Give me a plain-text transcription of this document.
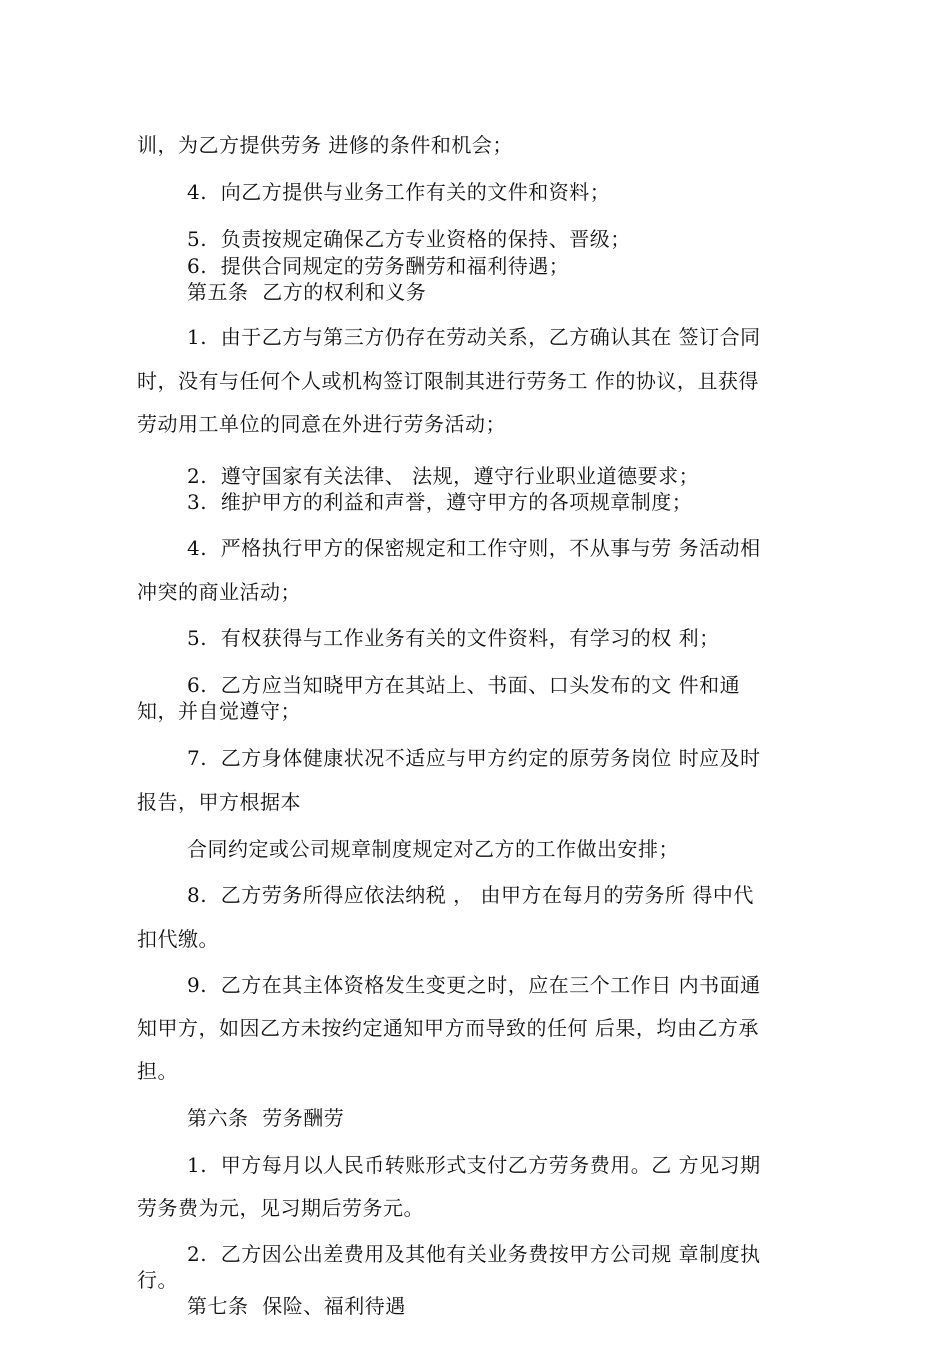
训，为乙方提供劳务 进修的条件和机会；
4.  向乙方提供与业务工作有关的文件和资料；
5.  负责按规定确保乙方专业资格的保持、晋级；
6.  提供合同规定的劳务酬劳和福利待遇；
第五条  乙方的权利和义务
1.  由于乙方与第三方仍存在劳动关系，乙方确认其在 签订合同
时，没有与任何个人或机构签订限制其进行劳务工 作的协议，且获得
劳动用工单位的同意在外进行劳务活动；
2.  遵守国家有关法律、 法规，遵守行业职业道德要求；
3.  维护甲方的利益和声誉，遵守甲方的各项规章制度；
4.  严格执行甲方的保密规定和工作守则，不从事与劳 务活动相
冲突的商业活动；
5.  有权获得与工作业务有关的文件资料，有学习的权 利；
6.  乙方应当知晓甲方在其站上、书面、口头发布的文 件和通
知，并自觉遵守；
7.  乙方身体健康状况不适应与甲方约定的原劳务岗位 时应及时
报告，甲方根据本
合同约定或公司规章制度规定对乙方的工作做出安排；
8.  乙方劳务所得应依法纳税 ， 由甲方在每月的劳务所 得中代
扣代缴。
9.  乙方在其主体资格发生变更之时，应在三个工作日 内书面通
知甲方，如因乙方未按约定通知甲方而导致的任何 后果，均由乙方承
担。
第六条  劳务酬劳
1.  甲方每月以人民币转账形式支付乙方劳务费用。乙 方见习期
劳务费为元，见习期后劳务元。
2.  乙方因公出差费用及其他有关业务费按甲方公司规 章制度执
行。
第七条  保险、福利待遇
